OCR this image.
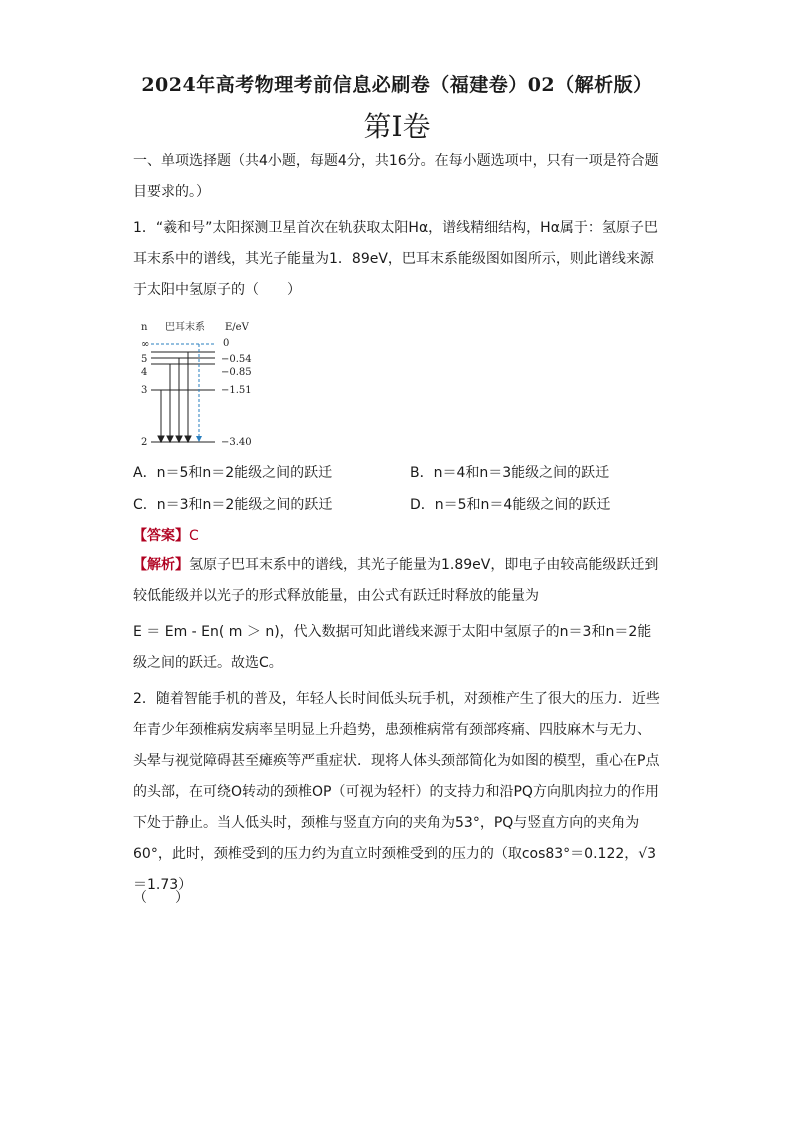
2024年高考物理考前信息必刷卷（福建卷）02（解析版）
第Ⅰ卷
一、单项选择题（共4小题，每题4分，共16分。在每小题选项中，只有一项是符合题目要求的。）
1．“羲和号”太阳探测卫星首次在轨获取太阳Hα，谱线精细结构，Hα属于：氢原子巴耳末系中的谱线，其光子能量为1．89eV，巴耳末系能级图如图所示，则此谱线来源于太阳中氢原子的（　　）
n 巴耳末系 E/eV
∞
5
4
3
2
0
−0.54
−0.85
−1.51
−3.40
A．n＝5和n＝2能级之间的跃迁	B．n＝4和n＝3能级之间的跃迁
C．n＝3和n＝2能级之间的跃迁	D．n＝5和n＝4能级之间的跃迁
【答案】C
【解析】氢原子巴耳末系中的谱线，其光子能量为1.89eV，即电子由较高能级跃迁到较低能级并以光子的形式释放能量，由公式有跃迁时释放的能量为
E ＝ Em - En( m ＞ n)，代入数据可知此谱线来源于太阳中氢原子的n＝3和n＝2能级之间的跃迁。故选C。
2．随着智能手机的普及，年轻人长时间低头玩手机，对颈椎产生了很大的压力．近些年青少年颈椎病发病率呈明显上升趋势，患颈椎病常有颈部疼痛、四肢麻木与无力、头晕与视觉障碍甚至瘫痪等严重症状．现将人体头颈部简化为如图的模型，重心在P点的头部，在可绕O转动的颈椎OP（可视为轻杆）的支持力和沿PQ方向肌肉拉力的作用下处于静止。当人低头时，颈椎与竖直方向的夹角为53°，PQ与竖直方向的夹角为60°，此时，颈椎受到的压力约为直立时颈椎受到的压力的（取cos83°＝0.122，√3＝1.73）
（　　）
